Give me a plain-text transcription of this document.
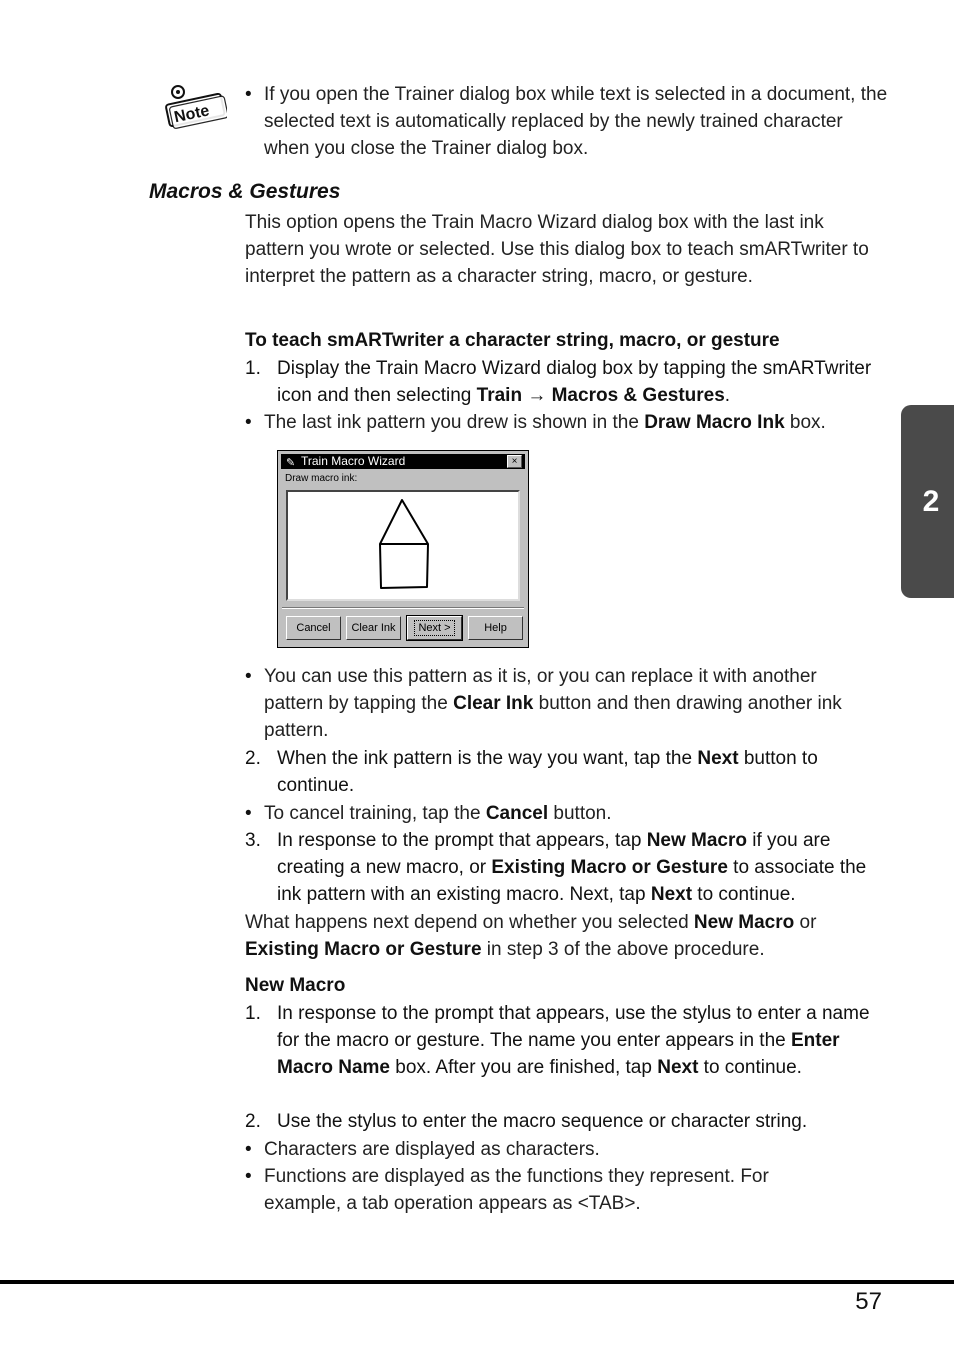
2
Note
• If you open the Trainer dialog box while text is selected in a document, the selected text is automatically replaced by the newly trained character when you close the Trainer dialog box.
Macros & Gestures
This option opens the Train Macro Wizard dialog box with the last ink pattern you wrote or selected. Use this dialog box to teach smARTwriter to interpret the pattern as a character string, macro, or gesture.
To teach smARTwriter a character string, macro, or gesture
1. Display the Train Macro Wizard dialog box by tapping the smARTwriter icon and then selecting Train → Macros & Gestures.
• The last ink pattern you drew is shown in the Draw Macro Ink box.
✎ Train Macro Wizard	×
Draw macro ink:
Cancel	Clear Ink	Next >	Help
• You can use this pattern as it is, or you can replace it with another pattern by tapping the Clear Ink button and then drawing another ink pattern.
2. When the ink pattern is the way you want, tap the Next button to continue.
• To cancel training, tap the Cancel button.
3. In response to the prompt that appears, tap New Macro if you are creating a new macro, or Existing Macro or Gesture to associate the ink pattern with an existing macro. Next, tap Next to continue.
What happens next depend on whether you selected New Macro or Existing Macro or Gesture in step 3 of the above procedure.
New Macro
1. In response to the prompt that appears, use the stylus to enter a name for the macro or gesture. The name you enter appears in the Enter Macro Name box. After you are finished, tap Next to continue.
2. Use the stylus to enter the macro sequence or character string.
• Characters are displayed as characters.
• Functions are displayed as the functions they represent. For example, a tab operation appears as <TAB>.
57
